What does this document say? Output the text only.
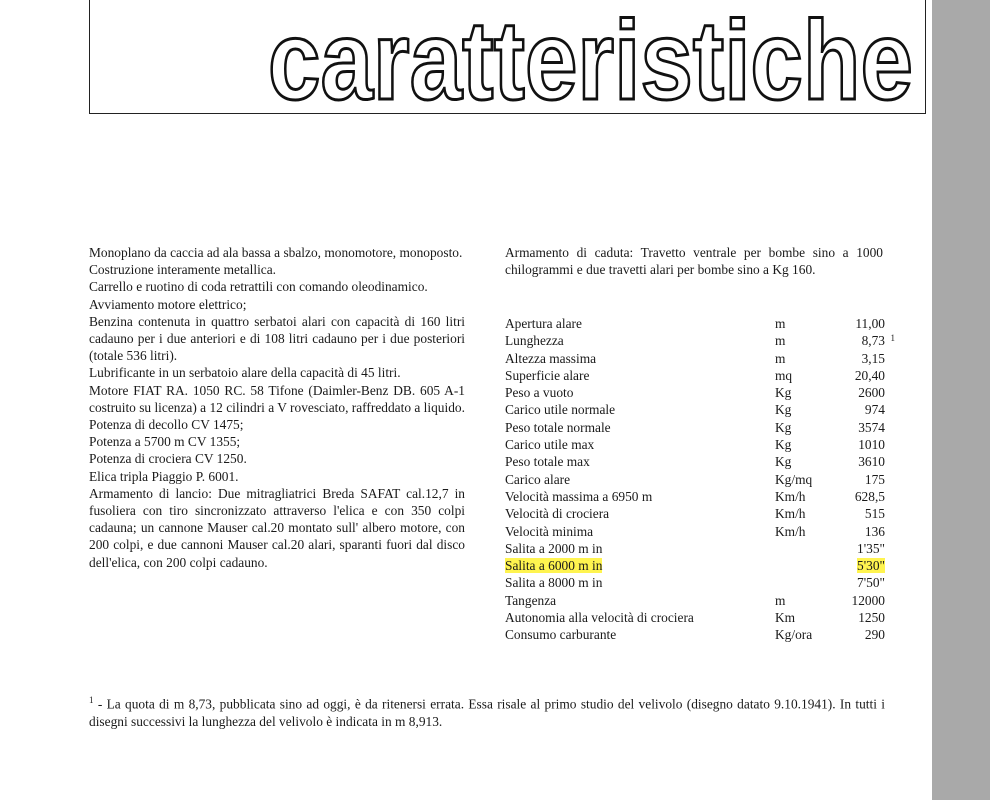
caratteristiche

Monoplano da caccia ad ala bassa a sbalzo, monomotore, monoposto.

Costruzione interamente metallica.

Carrello e ruotino di coda retrattili con comando oleodinamico.

Avviamento motore elettrico;

Benzina contenuta in quattro serbatoi alari con capacità di 160 litri cadauno per i due anteriori e di 108 litri cadauno per i due posteriori (totale 536 litri).

Lubrificante in un serbatoio alare della capacità di 45 litri.

Motore FIAT RA. 1050 RC. 58 Tifone (Daimler-Benz DB. 605 A-1 costruito su licenza) a 12 cilindri a V rovesciato, raffreddato a liquido.

Potenza di decollo CV 1475;

Potenza a 5700 m CV 1355;

Potenza di crociera CV 1250.

Elica tripla Piaggio P. 6001.

Armamento di lancio: Due mitragliatrici Breda SAFAT cal.12,7 in fusoliera con tiro sincronizzato attraverso l'elica e con 350 colpi cadauna; un cannone Mauser cal.20 montato sull' albero motore, con 200 colpi, e due cannoni Mauser cal.20 alari, sparanti fuori dal disco dell'elica, con 200 colpi cadauno.

Armamento di caduta: Travetto ventrale per bombe sino a 1000 chilogrammi e due travetti alari per bombe sino a Kg 160.
Apertura alare	m	11,00
Lunghezza	m	8,73 1

Altezza massima	m	3,15
Superficie alare	mq	20,40
Peso a vuoto	Kg	2600
Carico utile normale	Kg	974
Peso totale normale	Kg	3574
Carico utile max	Kg	1010
Peso totale max	Kg	3610
Carico alare	Kg/mq	175
Velocità massima a 6950 m	Km/h	628,5
Velocità di crociera	Km/h	515
Velocità minima	Km/h	136
Salita a 2000 m in		1'35"
Salita a 6000 m in		5'30"
Salita a 8000 m in		7'50"
Tangenza	m	12000
Autonomia alla velocità di crociera	Km	1250
Consumo carburante	Kg/ora	290
$^1$ - La quota di m 8,73, pubblicata sino ad oggi, è da ritenersi errata. Essa risale al primo studio del velivolo (disegno datato 9.10.1941). In tutti i disegni successivi la lunghezza del velivolo è indicata in m 8,913.
